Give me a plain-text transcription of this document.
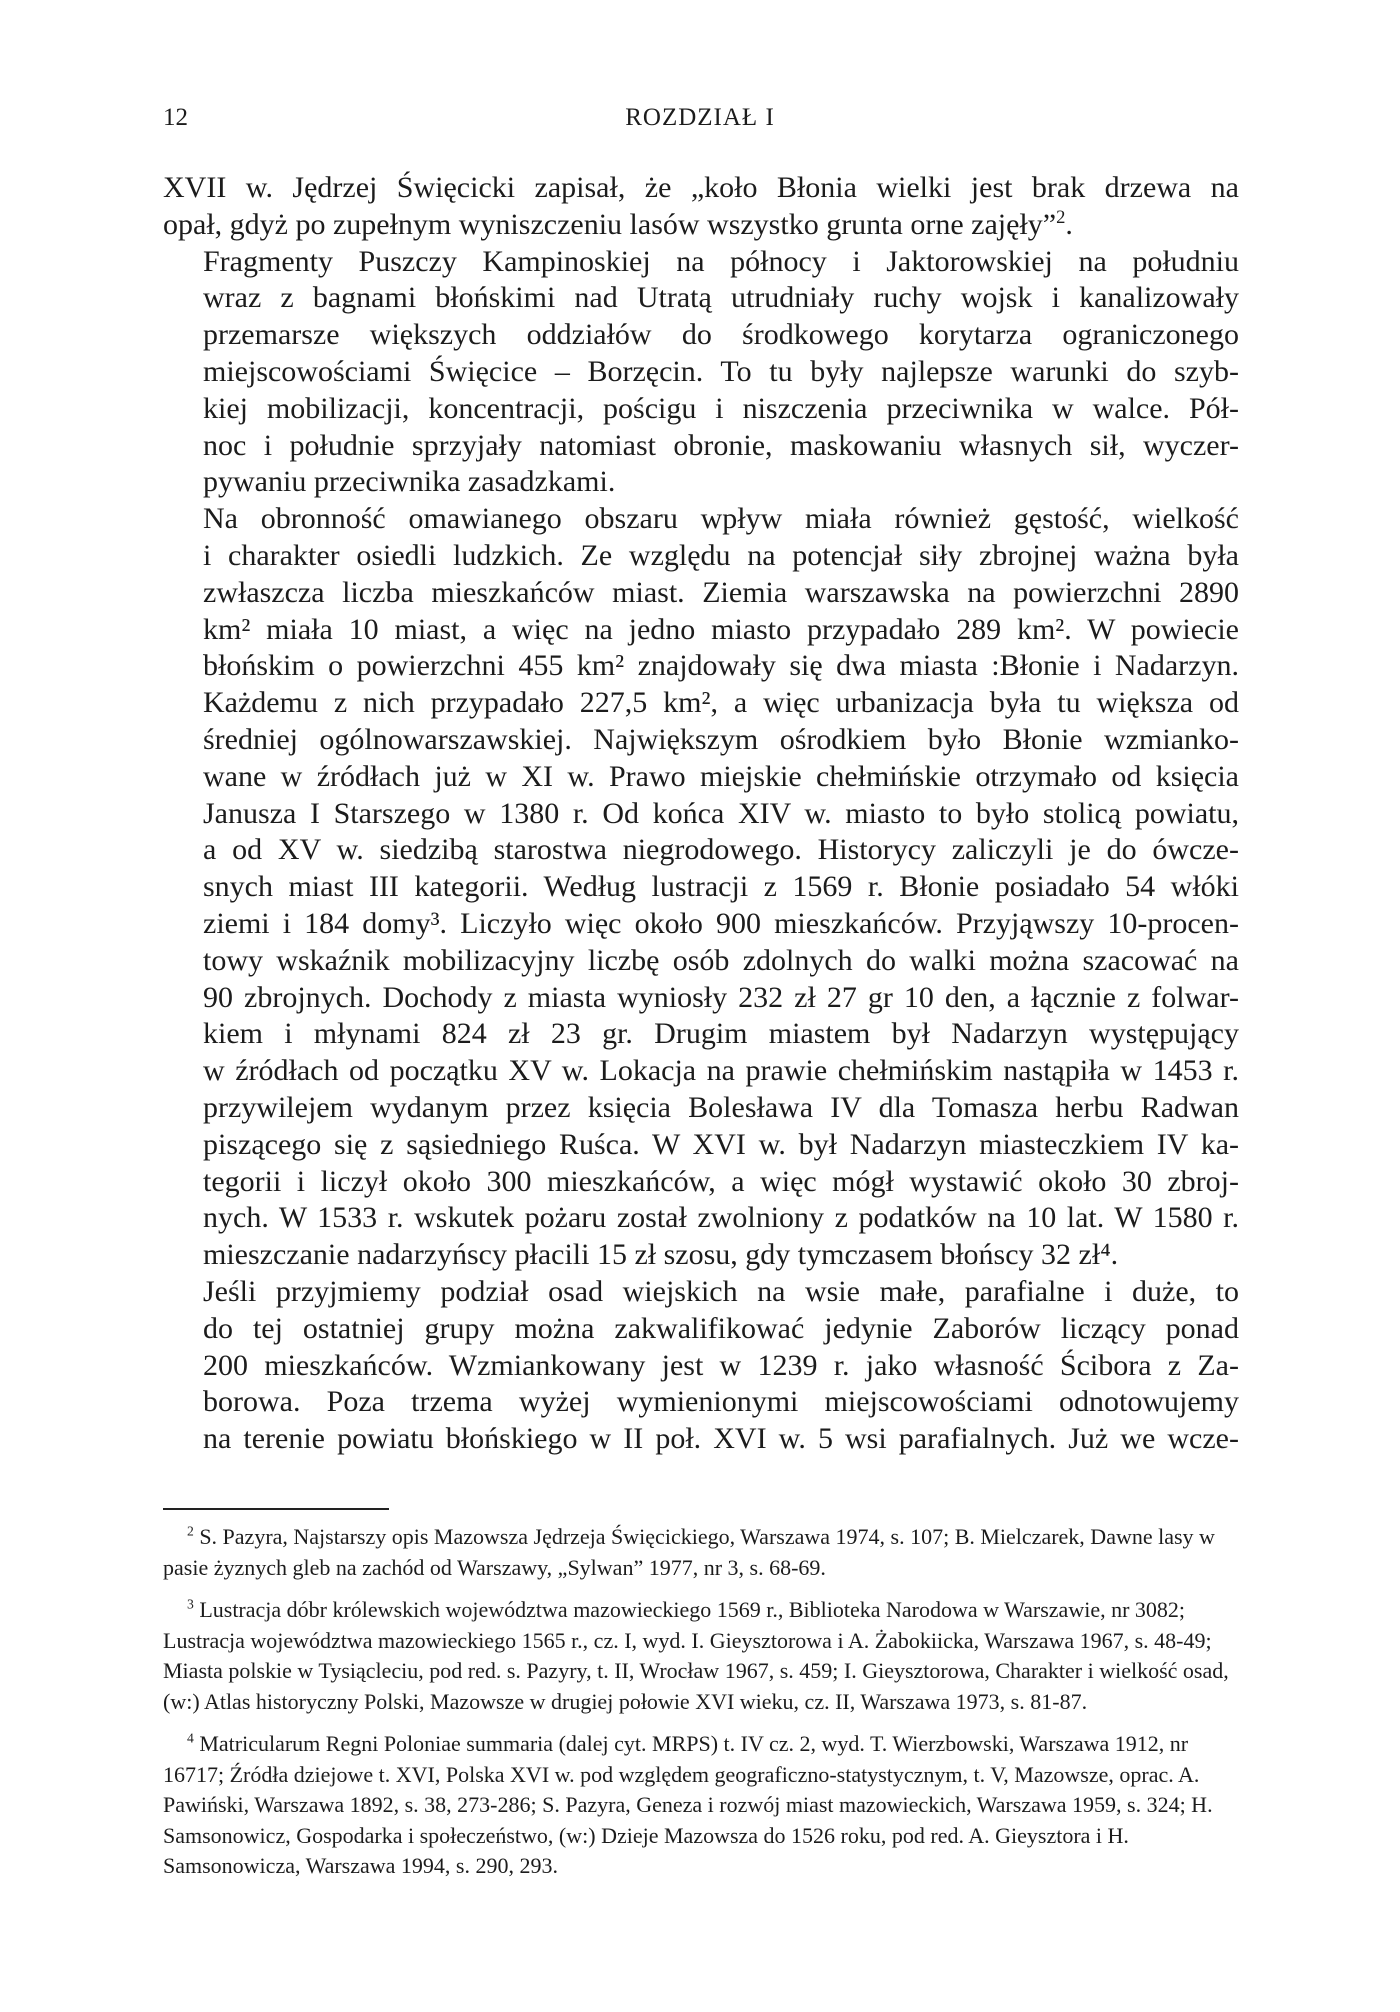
12	ROZDZIAŁ I

XVII w. Jędrzej Święcicki zapisał, że „koło Błonia wielki jest brak drzewa na
opał, gdyż po zupełnym wyniszczeniu lasów wszystko grunta orne zajęły”$^2$.

Fragmenty Puszczy Kampinoskiej na północy i Jaktorowskiej na południu
wraz z bagnami błońskimi nad Utratą utrudniały ruchy wojsk i kanalizowały
przemarsze większych oddziałów do środkowego korytarza ograniczonego
miejscowościami Święcice – Borzęcin. To tu były najlepsze warunki do szyb-
kiej mobilizacji, koncentracji, pościgu i niszczenia przeciwnika w walce. Pół-
noc i południe sprzyjały natomiast obronie, maskowaniu własnych sił, wyczer-
pywaniu przeciwnika zasadzkami.

Na obronność omawianego obszaru wpływ miała również gęstość, wielkość
i charakter osiedli ludzkich. Ze względu na potencjał siły zbrojnej ważna była
zwłaszcza liczba mieszkańców miast. Ziemia warszawska na powierzchni 2890
km² miała 10 miast, a więc na jedno miasto przypadało 289 km². W powiecie
błońskim o powierzchni 455 km² znajdowały się dwa miasta :Błonie i Nadarzyn.
Każdemu z nich przypadało 227,5 km², a więc urbanizacja była tu większa od
średniej ogólnowarszawskiej. Największym ośrodkiem było Błonie wzmianko-
wane w źródłach już w XI w. Prawo miejskie chełmińskie otrzymało od księcia
Janusza I Starszego w 1380 r. Od końca XIV w. miasto to było stolicą powiatu,
a od XV w. siedzibą starostwa niegrodowego. Historycy zaliczyli je do ówcze-
snych miast III kategorii. Według lustracji z 1569 r. Błonie posiadało 54 włóki
ziemi i 184 domy³. Liczyło więc około 900 mieszkańców. Przyjąwszy 10-procen-
towy wskaźnik mobilizacyjny liczbę osób zdolnych do walki można szacować na
90 zbrojnych. Dochody z miasta wyniosły 232 zł 27 gr 10 den, a łącznie z folwar-
kiem i młynami 824 zł 23 gr. Drugim miastem był Nadarzyn występujący
w źródłach od początku XV w. Lokacja na prawie chełmińskim nastąpiła w 1453 r.
przywilejem wydanym przez księcia Bolesława IV dla Tomasza herbu Radwan
piszącego się z sąsiedniego Ruśca. W XVI w. był Nadarzyn miasteczkiem IV ka-
tegorii i liczył około 300 mieszkańców, a więc mógł wystawić około 30 zbroj-
nych. W 1533 r. wskutek pożaru został zwolniony z podatków na 10 lat. W 1580 r.
mieszczanie nadarzyńscy płacili 15 zł szosu, gdy tymczasem błońscy 32 zł⁴.

Jeśli przyjmiemy podział osad wiejskich na wsie małe, parafialne i duże, to
do tej ostatniej grupy można zakwalifikować jedynie Zaborów liczący ponad
200 mieszkańców. Wzmiankowany jest w 1239 r. jako własność Ścibora z Za-
borowa. Poza trzema wyżej wymienionymi miejscowościami odnotowujemy
na terenie powiatu błońskiego w II poł. XVI w. 5 wsi parafialnych. Już we wcze-

$^2$ S. Pazyra, Najstarszy opis Mazowsza Jędrzeja Święcickiego, Warszawa 1974, s. 107; B. Mielczarek, Dawne lasy w pasie żyznych gleb na zachód od Warszawy, „Sylwan” 1977, nr 3, s. 68-69.

$^3$ Lustracja dóbr królewskich województwa mazowieckiego 1569 r., Biblioteka Narodowa w Warszawie, nr 3082; Lustracja województwa mazowieckiego 1565 r., cz. I, wyd. I. Gieysztorowa i A. Żabokiicka, Warszawa 1967, s. 48-49; Miasta polskie w Tysiącleciu, pod red. s. Pazyry, t. II, Wrocław 1967, s. 459; I. Gieysztorowa, Charakter i wielkość osad, (w:) Atlas historyczny Polski, Mazowsze w drugiej połowie XVI wieku, cz. II, Warszawa 1973, s. 81-87.

$^4$ Matricularum Regni Poloniae summaria (dalej cyt. MRPS) t. IV cz. 2, wyd. T. Wierzbowski, Warszawa 1912, nr 16717; Źródła dziejowe t. XVI, Polska XVI w. pod względem geograficzno-statystycznym, t. V, Mazowsze, oprac. A. Pawiński, Warszawa 1892, s. 38, 273-286; S. Pazyra, Geneza i rozwój miast mazowieckich, Warszawa 1959, s. 324; H. Samsonowicz, Gospodarka i społeczeństwo, (w:) Dzieje Mazowsza do 1526 roku, pod red. A. Gieysztora i H. Samsonowicza, Warszawa 1994, s. 290, 293.
